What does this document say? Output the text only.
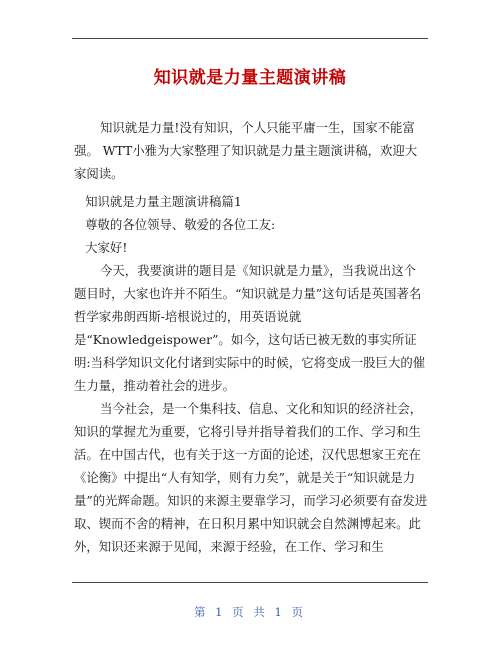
知识就是力量主题演讲稿

知识就是力量!没有知识，个人只能平庸一生，国家不能富强。 WTT小雅为大家整理了知识就是力量主题演讲稿，欢迎大家阅读。

知识就是力量主题演讲稿篇1

尊敬的各位领导、敬爱的各位工友:

大家好!

今天，我要演讲的题目是《知识就是力量》，当我说出这个题目时，大家也许并不陌生。“知识就是力量”这句话是英国著名哲学家弗朗西斯-培根说过的，用英语说就是“Knowledgeispower”。如今，这句话已被无数的事实所证明:当科学知识文化付诸到实际中的时候，它将变成一股巨大的催生力量，推动着社会的进步。

当今社会，是一个集科技、信息、文化和知识的经济社会，知识的掌握尤为重要，它将引导并指导着我们的工作、学习和生活。在中国古代，也有关于这一方面的论述，汉代思想家王充在《论衡》中提出“人有知学，则有力矣”，就是关于“知识就是力量”的光辉命题。知识的来源主要靠学习，而学习必须要有奋发进取、锲而不舍的精神，在日积月累中知识就会自然渊博起来。此外，知识还来源于见闻，来源于经验，在工作、学习和生

第 1 页 共 1 页
